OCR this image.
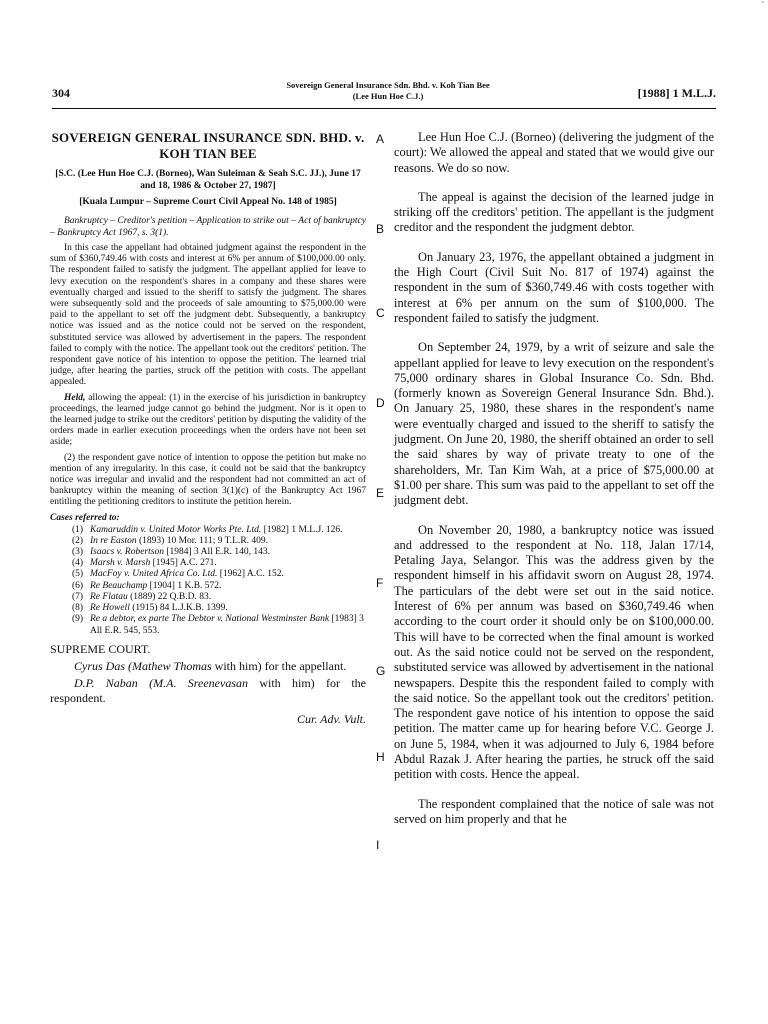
ˇ
304
Sovereign General Insurance Sdn. Bhd. v. Koh Tian Bee
(Lee Hun Hoe C.J.)	[1988] 1 M.L.J.
SOVEREIGN GENERAL INSURANCE SDN. BHD. v. KOH TIAN BEE
[S.C. (Lee Hun Hoe C.J. (Borneo), Wan Suleiman & Seah S.C. JJ.), June 17 and 18, 1986 & October 27, 1987]
[Kuala Lumpur – Supreme Court Civil Appeal No. 148 of 1985]
Bankruptcy – Creditor's petition – Application to strike out – Act of bankruptcy – Bankruptcy Act 1967, s. 3(1).
In this case the appellant had obtained judgment against the respondent in the sum of $360,749.46 with costs and interest at 6% per annum of $100,000.00 only. The respondent failed to satisfy the judgment. The appellant applied for leave to levy execution on the respondent's shares in a company and these shares were eventually charged and issued to the sheriff to satisfy the judgment. The shares were subsequently sold and the proceeds of sale amounting to $75,000.00 were paid to the appellant to set off the judgment debt. Subsequently, a bankruptcy notice was issued and as the notice could not be served on the respondent, substituted service was allowed by advertisement in the papers. The respondent failed to comply with the notice. The appellant took out the creditors' petition. The respondent gave notice of his intention to oppose the petition. The learned trial judge, after hearing the parties, struck off the petition with costs. The appellant appealed.
Held, allowing the appeal: (1) in the exercise of his jurisdiction in bankruptcy proceedings, the learned judge cannot go behind the judgment. Nor is it open to the learned judge to strike out the creditors' petition by disputing the validity of the orders made in earlier execution proceedings when the orders have not been set aside;
(2) the respondent gave notice of intention to oppose the petition but make no mention of any irregularity. In this case, it could not be said that the bankruptcy notice was irregular and invalid and the respondent had not committed an act of bankruptcy within the meaning of section 3(1)(c) of the Bankruptcy Act 1967 entitling the petitioning creditors to institute the petition herein.
Cases referred to:
(1) Kamaruddin v. United Motor Works Pte. Ltd. [1982] 1 M.L.J. 126.
(2) In re Easton (1893) 10 Mor. 111; 9 T.L.R. 409.
(3) Isaacs v. Robertson [1984] 3 All E.R. 140, 143.
(4) Marsh v. Marsh [1945] A.C. 271.
(5) MacFoy v. United Africa Co. Ltd. [1962] A.C. 152.
(6) Re Beauchamp [1904] 1 K.B. 572.
(7) Re Flatau (1889) 22 Q.B.D. 83.
(8) Re Howell (1915) 84 L.J.K.B. 1399.
(9) Re a debtor, ex parte The Debtor v. National Westminster Bank [1983] 3 All E.R. 545, 553.
SUPREME COURT.
Cyrus Das (Mathew Thomas with him) for the appellant.
D.P. Naban (M.A. Sreenevasan with him) for the respondent.
Cur. Adv. Vult.
A
B
C
D
E
F
G
H
I

Lee Hun Hoe C.J. (Borneo) (delivering the judgment of the court): We allowed the appeal and stated that we would give our reasons. We do so now.

The appeal is against the decision of the learned judge in striking off the creditors' petition. The appellant is the judgment creditor and the respondent the judgment debtor.

On January 23, 1976, the appellant obtained a judgment in the High Court (Civil Suit No. 817 of 1974) against the respondent in the sum of $360,749.46 with costs together with interest at 6% per annum on the sum of $100,000. The respondent failed to satisfy the judgment.

On September 24, 1979, by a writ of seizure and sale the appellant applied for leave to levy execution on the respondent's 75,000 ordinary shares in Global Insurance Co. Sdn. Bhd. (formerly known as Sovereign General Insurance Sdn. Bhd.). On January 25, 1980, these shares in the respondent's name were eventually charged and issued to the sheriff to satisfy the judgment. On June 20, 1980, the sheriff obtained an order to sell the said shares by way of private treaty to one of the shareholders, Mr. Tan Kim Wah, at a price of $75,000.00 at $1.00 per share. This sum was paid to the appellant to set off the judgment debt.

On November 20, 1980, a bankruptcy notice was issued and addressed to the respondent at No. 118, Jalan 17/14, Petaling Jaya, Selangor. This was the address given by the respondent himself in his affidavit sworn on August 28, 1974. The particulars of the debt were set out in the said notice. Interest of 6% per annum was based on $360,749.46 when according to the court order it should only be on $100,000.00. This will have to be corrected when the final amount is worked out. As the said notice could not be served on the respondent, substituted service was allowed by advertisement in the national newspapers. Despite this the respondent failed to comply with the said notice. So the appellant took out the creditors' petition. The respondent gave notice of his intention to oppose the said petition. The matter came up for hearing before V.C. George J. on June 5, 1984, when it was adjourned to July 6, 1984 before Abdul Razak J. After hearing the parties, he struck off the said petition with costs. Hence the appeal.

The respondent complained that the notice of sale was not served on him properly and that he
